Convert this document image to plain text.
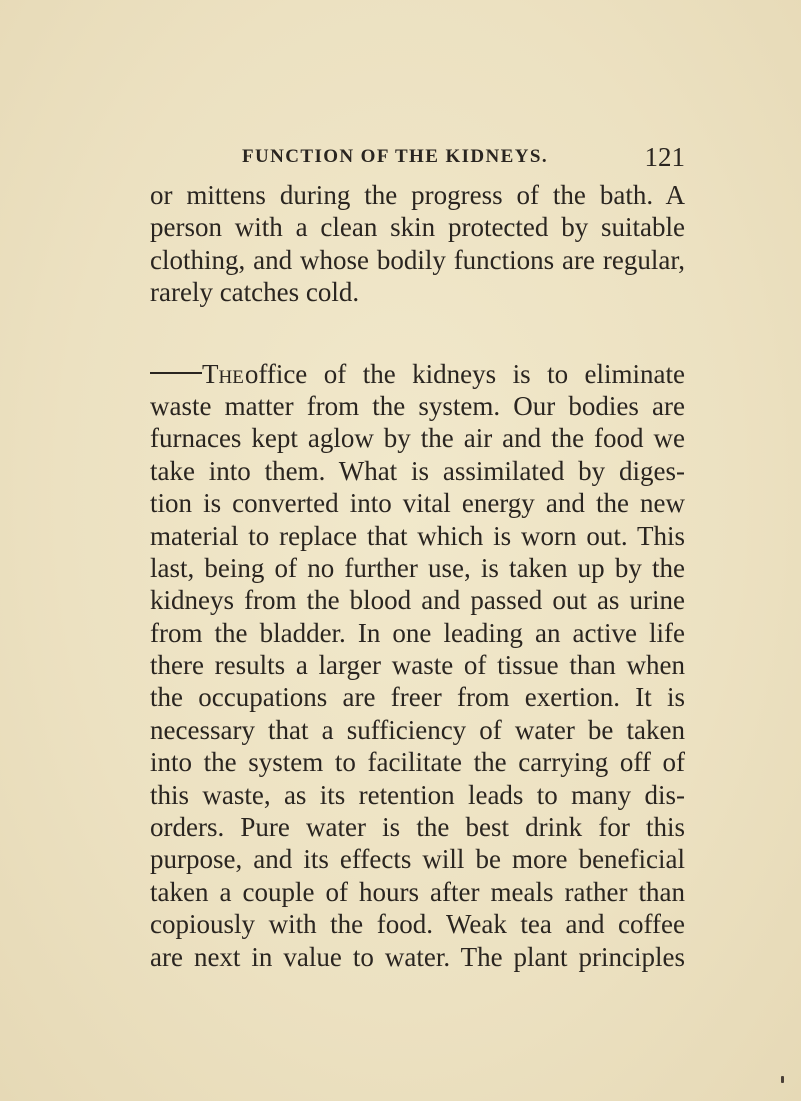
FUNCTION OF THE KIDNEYS.	121
or mittens during the progress of the bath. A
person with a clean skin protected by suitable
clothing, and whose bodily functions are regular,
rarely catches cold.
The office of the kidneys is to eliminate
waste matter from the system. Our bodies are
furnaces kept aglow by the air and the food we
take into them. What is assimilated by diges-
tion is converted into vital energy and the new
material to replace that which is worn out. This
last, being of no further use, is taken up by the
kidneys from the blood and passed out as urine
from the bladder. In one leading an active life
there results a larger waste of tissue than when
the occupations are freer from exertion. It is
necessary that a sufficiency of water be taken
into the system to facilitate the carrying off of
this waste, as its retention leads to many dis-
orders. Pure water is the best drink for this
purpose, and its effects will be more beneficial
taken a couple of hours after meals rather than
copiously with the food. Weak tea and coffee
are next in value to water. The plant principles
